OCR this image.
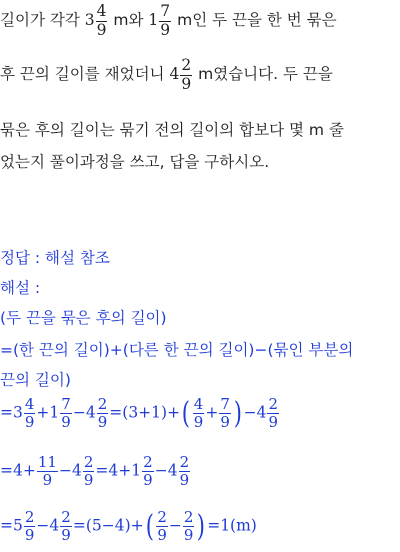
길이가 각각 $3 \frac{4}{9}$ m와 $1 \frac{7}{9}$ m인 두 끈을 한 번 묶은
후 끈의 길이를 재었더니 $4 \frac{2}{9}$ m였습니다. 두 끈을
묶은 후의 길이는 묶기 전의 길이의 합보다 몇 m 줄
었는지 풀이과정을 쓰고, 답을 구하시오.
정답 : 해설 참조
해설 :
(두 끈을 묶은 후의 길이)
=(한 끈의 길이)+(다른 한 끈의 길이)−(묶인 부분의
끈의 길이)
$=3 \frac{4}{9} +1 \frac{7}{9} -4 \frac{2}{9} =(3+1)+( \frac{4}{9} + \frac{7}{9}$ ) $-4 \frac{2}{9}$
$=4+ \frac{11}{9} -4 \frac{2}{9} =4+1 \frac{2}{9} -4 \frac{2}{9}$
$=5 \frac{2}{9} -4 \frac{2}{9} =(5-4)+( \frac{2}{9} - \frac{2}{9}$ ) =1(m)
